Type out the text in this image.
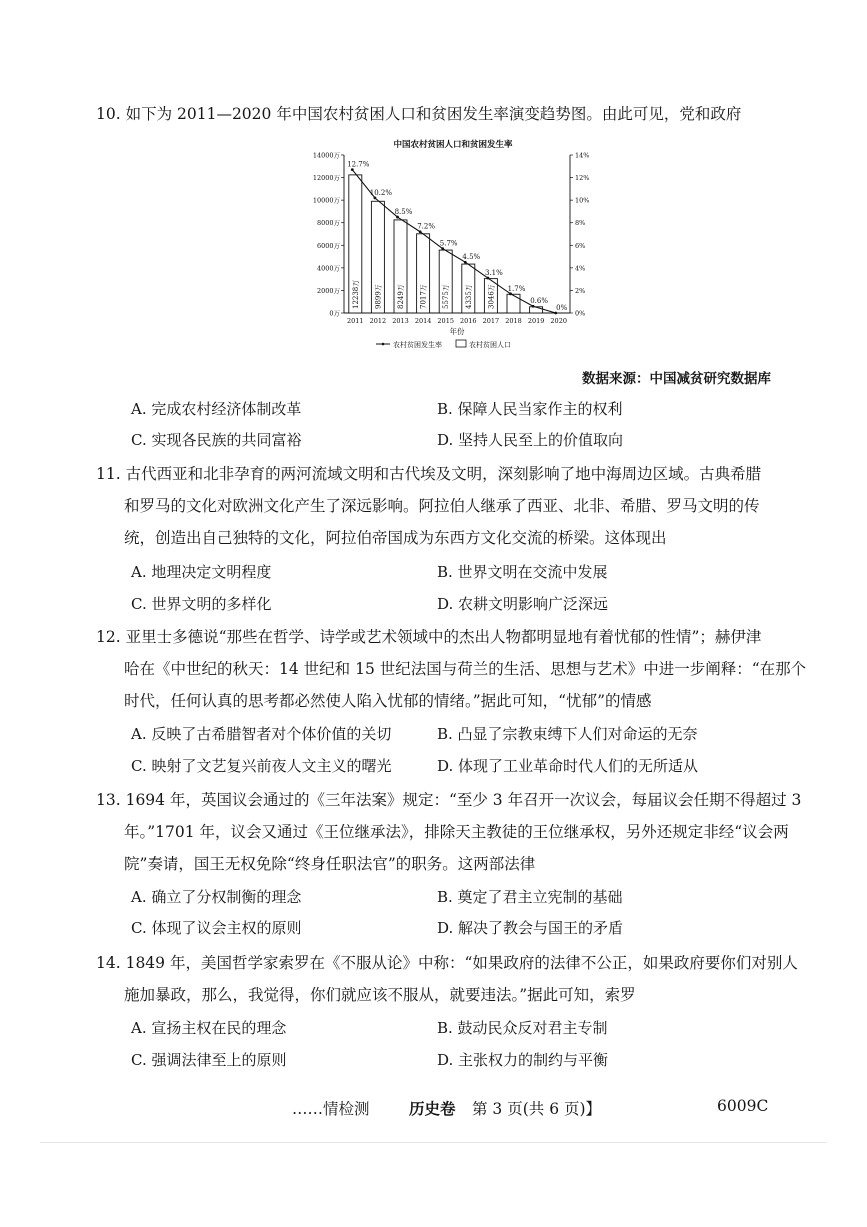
10. 如下为 2011—2020 年中国农村贫困人口和贫困发生率演变趋势图。由此可见，党和政府
中国农村贫困人口和贫困发生率
0万
2000万
4000万
6000万
8000万
10000万
12000万
14000万
0%
2%
4%
6%
8%
10%
12%
14%
2011 2012 2013 2014 2015 2016 2017 2018 2019 2020
12238万 9899万 8249万 7017万 5575万 4335万 3046万
12.7%
10.2%
8.5%
7.2%
5.7%
4.5%
3.1%
1.7%
0.6%
0%
年份
农村贫困发生率	农村贫困人口
数据来源：中国减贫研究数据库
A. 完成农村经济体制改革	B. 保障人民当家作主的权利
C. 实现各民族的共同富裕	D. 坚持人民至上的价值取向
11. 古代西亚和北非孕育的两河流域文明和古代埃及文明，深刻影响了地中海周边区域。古典希腊
和罗马的文化对欧洲文化产生了深远影响。阿拉伯人继承了西亚、北非、希腊、罗马文明的传
统，创造出自己独特的文化，阿拉伯帝国成为东西方文化交流的桥梁。这体现出
A. 地理决定文明程度	B. 世界文明在交流中发展
C. 世界文明的多样化	D. 农耕文明影响广泛深远
12. 亚里士多德说“那些在哲学、诗学或艺术领域中的杰出人物都明显地有着忧郁的性情”；赫伊津
哈在《中世纪的秋天：14 世纪和 15 世纪法国与荷兰的生活、思想与艺术》中进一步阐释：“在那个
时代，任何认真的思考都必然使人陷入忧郁的情绪。”据此可知，“忧郁”的情感
A. 反映了古希腊智者对个体价值的关切	B. 凸显了宗教束缚下人们对命运的无奈
C. 映射了文艺复兴前夜人文主义的曙光	D. 体现了工业革命时代人们的无所适从
13. 1694 年，英国议会通过的《三年法案》规定：“至少 3 年召开一次议会，每届议会任期不得超过 3
年。”1701 年，议会又通过《王位继承法》，排除天主教徒的王位继承权，另外还规定非经“议会两
院”奏请，国王无权免除“终身任职法官”的职务。这两部法律
A. 确立了分权制衡的理念	B. 奠定了君主立宪制的基础
C. 体现了议会主权的原则	D. 解决了教会与国王的矛盾
14. 1849 年，美国哲学家索罗在《不服从论》中称：“如果政府的法律不公正，如果政府要你们对别人
施加暴政，那么，我觉得，你们就应该不服从，就要违法。”据此可知，索罗
A. 宣扬主权在民的理念	B. 鼓动民众反对君主专制
C. 强调法律至上的原则	D. 主张权力的制约与平衡
……情检测	历史卷 第 3 页(共 6 页)】	6009C
